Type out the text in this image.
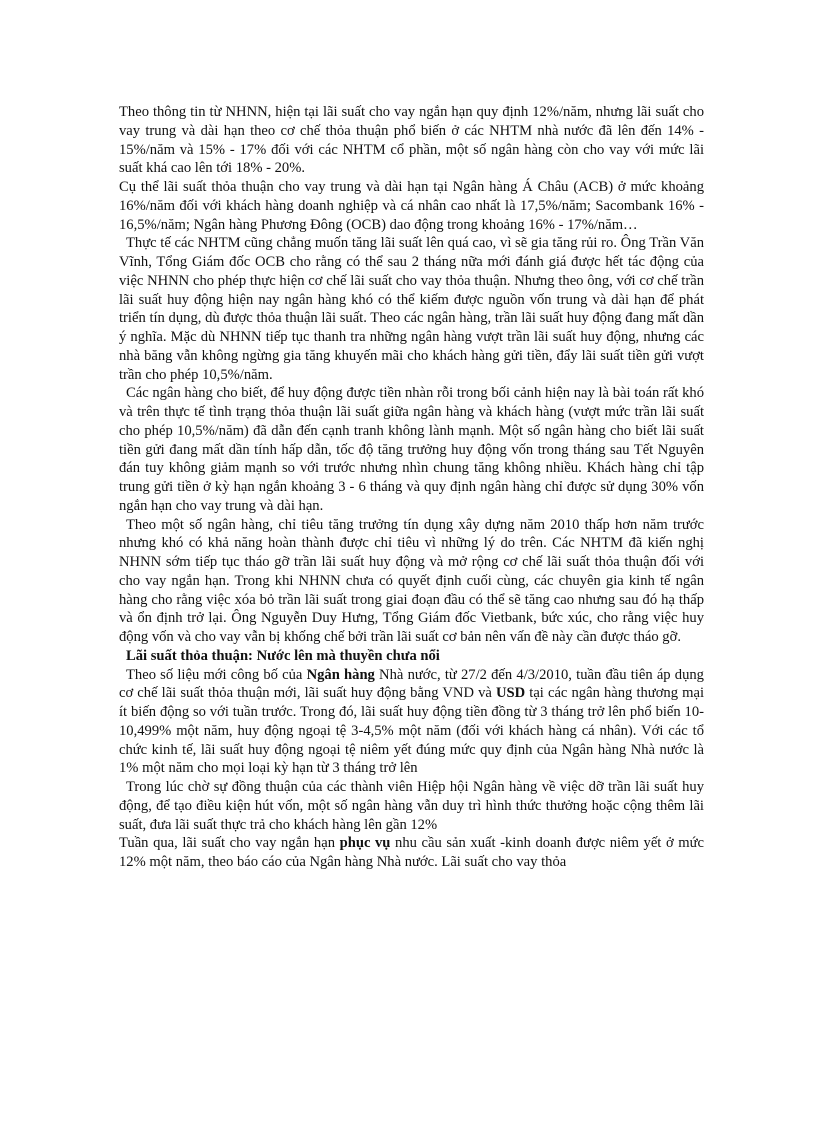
Theo thông tin từ NHNN, hiện tại lãi suất cho vay ngắn hạn quy định 12%/năm, nhưng lãi suất cho vay trung và dài hạn theo cơ chế thỏa thuận phổ biến ở các NHTM nhà nước đã lên đến 14% - 15%/năm và 15% - 17% đối với các NHTM cổ phần, một số ngân hàng còn cho vay với mức lãi suất khá cao lên tới 18% - 20%.

Cụ thể lãi suất thỏa thuận cho vay trung và dài hạn tại Ngân hàng Á Châu (ACB) ở mức khoảng 16%/năm đối với khách hàng doanh nghiệp và cá nhân cao nhất là 17,5%/năm; Sacombank 16% - 16,5%/năm; Ngân hàng Phương Đông (OCB) dao động trong khoảng 16% - 17%/năm…

Thực tế các NHTM cũng chẳng muốn tăng lãi suất lên quá cao, vì sẽ gia tăng rủi ro. Ông Trần Văn Vĩnh, Tổng Giám đốc OCB cho rằng có thể sau 2 tháng nữa mới đánh giá được hết tác động của việc NHNN cho phép thực hiện cơ chế lãi suất cho vay thỏa thuận. Nhưng theo ông, với cơ chế trần lãi suất huy động hiện nay ngân hàng khó có thể kiếm được nguồn vốn trung và dài hạn để phát triển tín dụng, dù được thỏa thuận lãi suất. Theo các ngân hàng, trần lãi suất huy động đang mất dần ý nghĩa. Mặc dù NHNN tiếp tục thanh tra những ngân hàng vượt trần lãi suất huy động, nhưng các nhà băng vẫn không ngừng gia tăng khuyến mãi cho khách hàng gửi tiền, đẩy lãi suất tiền gửi vượt trần cho phép 10,5%/năm.

Các ngân hàng cho biết, để huy động được tiền nhàn rỗi trong bối cảnh hiện nay là bài toán rất khó và trên thực tế tình trạng thỏa thuận lãi suất giữa ngân hàng và khách hàng (vượt mức trần lãi suất cho phép 10,5%/năm) đã dẫn đến cạnh tranh không lành mạnh. Một số ngân hàng cho biết lãi suất tiền gửi đang mất dần tính hấp dẫn, tốc độ tăng trưởng huy động vốn trong tháng sau Tết Nguyên đán tuy không giảm mạnh so với trước nhưng nhìn chung tăng không nhiều. Khách hàng chỉ tập trung gửi tiền ở kỳ hạn ngắn khoảng 3 - 6 tháng và quy định ngân hàng chỉ được sử dụng 30% vốn ngắn hạn cho vay trung và dài hạn.

Theo một số ngân hàng, chỉ tiêu tăng trưởng tín dụng xây dựng năm 2010 thấp hơn năm trước nhưng khó có khả năng hoàn thành được chỉ tiêu vì những lý do trên. Các NHTM đã kiến nghị NHNN sớm tiếp tục tháo gỡ trần lãi suất huy động và mở rộng cơ chế lãi suất thỏa thuận đối với cho vay ngắn hạn. Trong khi NHNN chưa có quyết định cuối cùng, các chuyên gia kinh tế ngân hàng cho rằng việc xóa bỏ trần lãi suất trong giai đoạn đầu có thể sẽ tăng cao nhưng sau đó hạ thấp và ổn định trở lại. Ông Nguyễn Duy Hưng, Tổng Giám đốc Vietbank, bức xúc, cho rằng việc huy động vốn và cho vay vẫn bị khống chế bởi trần lãi suất cơ bản nên vấn đề này cần được tháo gỡ.

Lãi suất thỏa thuận: Nước lên mà thuyền chưa nổi

Theo số liệu mới công bố của Ngân hàng Nhà nước, từ 27/2 đến 4/3/2010, tuần đầu tiên áp dụng cơ chế lãi suất thỏa thuận mới, lãi suất huy động bằng VND và USD tại các ngân hàng thương mại ít biến động so với tuần trước. Trong đó, lãi suất huy động tiền đồng từ 3 tháng trở lên phổ biến 10-10,499% một năm, huy động ngoại tệ 3-4,5% một năm (đối với khách hàng cá nhân). Với các tổ chức kinh tế, lãi suất huy động ngoại tệ niêm yết đúng mức quy định của Ngân hàng Nhà nước là 1% một năm cho mọi loại kỳ hạn từ 3 tháng trở lên

Trong lúc chờ sự đồng thuận của các thành viên Hiệp hội Ngân hàng về việc dỡ trần lãi suất huy động, để tạo điều kiện hút vốn, một số ngân hàng vẫn duy trì hình thức thưởng hoặc cộng thêm lãi suất, đưa lãi suất thực trả cho khách hàng lên gần 12%

Tuần qua, lãi suất cho vay ngắn hạn phục vụ nhu cầu sản xuất -kinh doanh được niêm yết ở mức 12% một năm, theo báo cáo của Ngân hàng Nhà nước. Lãi suất cho vay thỏa
